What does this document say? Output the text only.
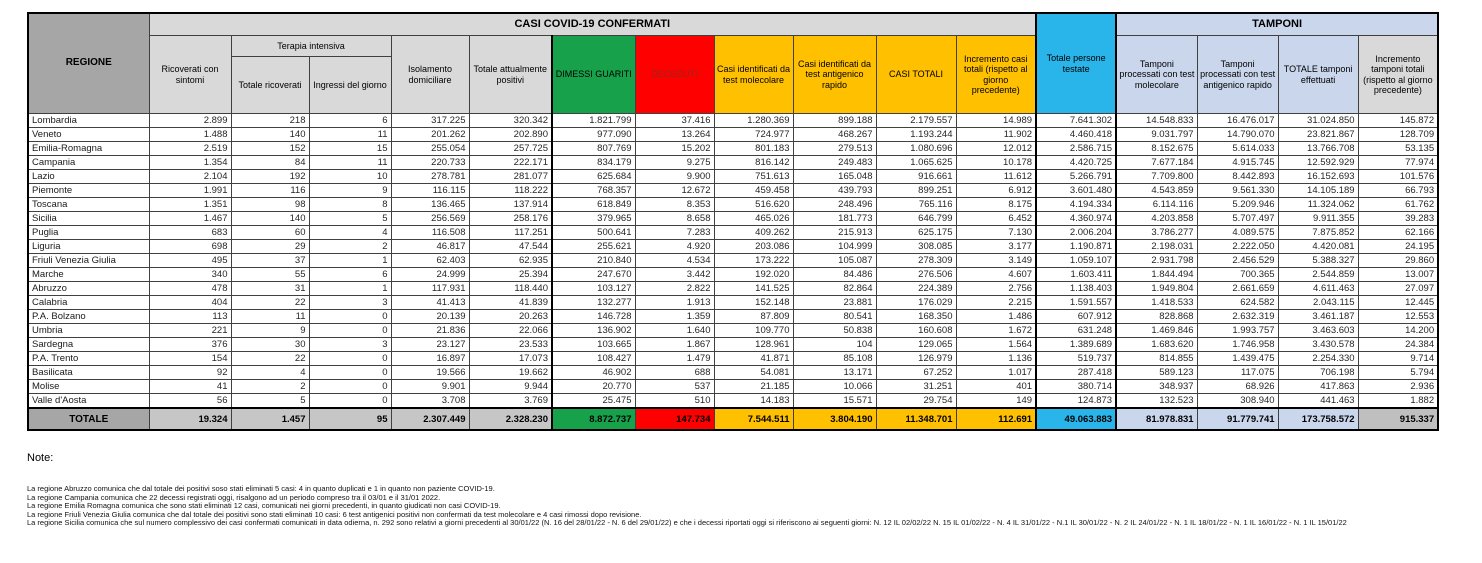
REGIONE	CASI COVID-19 CONFERMATI											Totale persone testate	TAMPONI			
	Ricoverati con sintomi	Terapia intensiva		Isolamento domiciliare	Totale attualmente positivi	DIMESSI GUARITI	DECEDUTI	Casi identificati da test molecolare	Casi identificati da test antigenico rapido	CASI TOTALI	Incremento casi totali (rispetto al giorno precedente)		Tamponi processati con test molecolare	Tamponi processati con test antigenico rapido	TOTALE tamponi effettuati	Incremento tamponi totali (rispetto al giorno precedente)
		Totale ricoverati	Ingressi del giorno													
Lombardia	2.899	218	6	317.225	320.342	1.821.799	37.416	1.280.369	899.188	2.179.557	14.989	7.641.302	14.548.833	16.476.017	31.024.850	145.872
Veneto	1.488	140	11	201.262	202.890	977.090	13.264	724.977	468.267	1.193.244	11.902	4.460.418	9.031.797	14.790.070	23.821.867	128.709
Emilia-Romagna	2.519	152	15	255.054	257.725	807.769	15.202	801.183	279.513	1.080.696	12.012	2.586.715	8.152.675	5.614.033	13.766.708	53.135
Campania	1.354	84	11	220.733	222.171	834.179	9.275	816.142	249.483	1.065.625	10.178	4.420.725	7.677.184	4.915.745	12.592.929	77.974
Lazio	2.104	192	10	278.781	281.077	625.684	9.900	751.613	165.048	916.661	11.612	5.266.791	7.709.800	8.442.893	16.152.693	101.576
Piemonte	1.991	116	9	116.115	118.222	768.357	12.672	459.458	439.793	899.251	6.912	3.601.480	4.543.859	9.561.330	14.105.189	66.793
Toscana	1.351	98	8	136.465	137.914	618.849	8.353	516.620	248.496	765.116	8.175	4.194.334	6.114.116	5.209.946	11.324.062	61.762
Sicilia	1.467	140	5	256.569	258.176	379.965	8.658	465.026	181.773	646.799	6.452	4.360.974	4.203.858	5.707.497	9.911.355	39.283
Puglia	683	60	4	116.508	117.251	500.641	7.283	409.262	215.913	625.175	7.130	2.006.204	3.786.277	4.089.575	7.875.852	62.166
Liguria	698	29	2	46.817	47.544	255.621	4.920	203.086	104.999	308.085	3.177	1.190.871	2.198.031	2.222.050	4.420.081	24.195
Friuli Venezia Giulia	495	37	1	62.403	62.935	210.840	4.534	173.222	105.087	278.309	3.149	1.059.107	2.931.798	2.456.529	5.388.327	29.860
Marche	340	55	6	24.999	25.394	247.670	3.442	192.020	84.486	276.506	4.607	1.603.411	1.844.494	700.365	2.544.859	13.007
Abruzzo	478	31	1	117.931	118.440	103.127	2.822	141.525	82.864	224.389	2.756	1.138.403	1.949.804	2.661.659	4.611.463	27.097
Calabria	404	22	3	41.413	41.839	132.277	1.913	152.148	23.881	176.029	2.215	1.591.557	1.418.533	624.582	2.043.115	12.445
P.A. Bolzano	113	11	0	20.139	20.263	146.728	1.359	87.809	80.541	168.350	1.486	607.912	828.868	2.632.319	3.461.187	12.553
Umbria	221	9	0	21.836	22.066	136.902	1.640	109.770	50.838	160.608	1.672	631.248	1.469.846	1.993.757	3.463.603	14.200
Sardegna	376	30	3	23.127	23.533	103.665	1.867	128.961	104	129.065	1.564	1.389.689	1.683.620	1.746.958	3.430.578	24.384
P.A. Trento	154	22	0	16.897	17.073	108.427	1.479	41.871	85.108	126.979	1.136	519.737	814.855	1.439.475	2.254.330	9.714
Basilicata	92	4	0	19.566	19.662	46.902	688	54.081	13.171	67.252	1.017	287.418	589.123	117.075	706.198	5.794
Molise	41	2	0	9.901	9.944	20.770	537	21.185	10.066	31.251	401	380.714	348.937	68.926	417.863	2.936
Valle d'Aosta	56	5	0	3.708	3.769	25.475	510	14.183	15.571	29.754	149	124.873	132.523	308.940	441.463	1.882
TOTALE	19.324	1.457	95	2.307.449	2.328.230	8.872.737	147.734	7.544.511	3.804.190	11.348.701	112.691	49.063.883	81.978.831	91.779.741	173.758.572	915.337
Note:
La regione Abruzzo comunica che dal totale dei positivi soso stati eliminati 5 casi: 4 in quanto duplicati e 1 in quanto non paziente COVID-19.
La regione Campania comunica che 22 decessi registrati oggi, risalgono ad un periodo compreso tra il 03/01 e il 31/01 2022.
La regione Emilia Romagna comunica che sono stati eliminati 12 casi, comunicati nei giorni precedenti, in quanto giudicati non casi COVID-19.
La regione Friuli Venezia Giulia comunica che dal totale dei positivi sono stati eliminati 10 casi: 6 test antigenici positivi non confermati da test molecolare e 4 casi rimossi dopo revisione.
La regione Sicilia comunica che sul numero complessivo dei casi confermati comunicati in data odierna, n. 292 sono relativi a giorni precedenti al 30/01/22 (N. 16 del 28/01/22 - N. 6 del 29/01/22) e che i decessi riportati oggi si riferiscono ai seguenti giorni: N. 12 IL 02/02/22 N. 15 IL 01/02/22 - N. 4 IL 31/01/22 - N.1 IL 30/01/22 - N. 2 IL 24/01/22 - N. 1 IL 18/01/22 - N. 1 IL 16/01/22 - N. 1 IL 15/01/22
